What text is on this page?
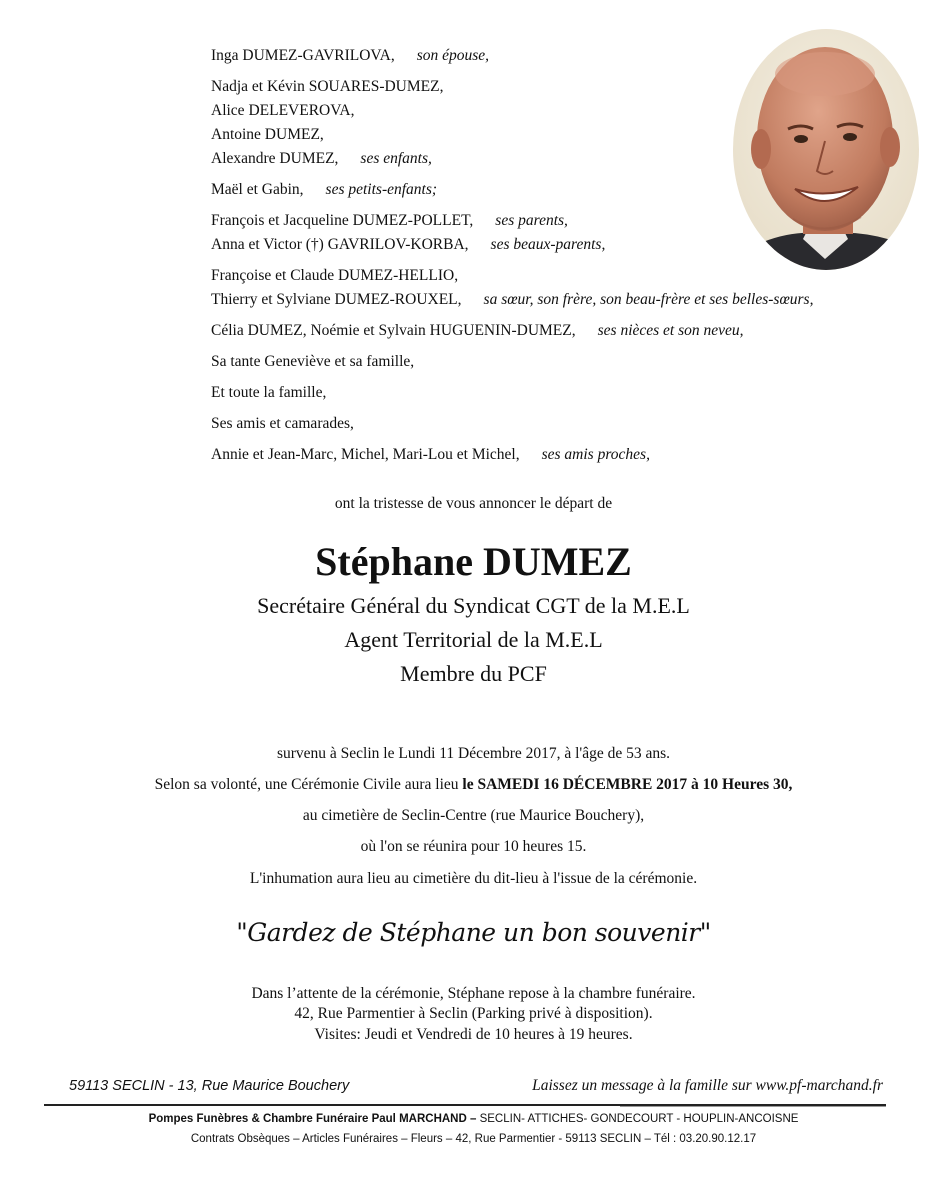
Inga DUMEZ-GAVRILOVA, son épouse,
Nadja et Kévin SOUARES-DUMEZ,
Alice DELEVEROVA,
Antoine DUMEZ,
Alexandre DUMEZ, ses enfants,
Maël et Gabin, ses petits-enfants;
François et Jacqueline DUMEZ-POLLET, ses parents,
Anna et Victor (†) GAVRILOV-KORBA, ses beaux-parents,
Françoise et Claude DUMEZ-HELLIO,
Thierry et Sylviane DUMEZ-ROUXEL, sa sœur, son frère, son beau-frère et ses belles-sœurs,
Célia DUMEZ, Noémie et Sylvain HUGUENIN-DUMEZ, ses nièces et son neveu,
Sa tante Geneviève et sa famille,
Et toute la famille,
Ses amis et camarades,
Annie et Jean-Marc, Michel, Mari-Lou et Michel, ses amis proches,
ont la tristesse de vous annoncer le départ de
Stéphane DUMEZ
Secrétaire Général du Syndicat CGT de la M.E.L
Agent Territorial de la M.E.L
Membre du PCF
survenu à Seclin le Lundi 11 Décembre 2017, à l'âge de 53 ans.
Selon sa volonté, une Cérémonie Civile aura lieu le SAMEDI 16 DÉCEMBRE 2017 à 10 Heures 30,
au cimetière de Seclin-Centre (rue Maurice Bouchery),
où l'on se réunira pour 10 heures 15.
L'inhumation aura lieu au cimetière du dit-lieu à l'issue de la cérémonie.
"Gardez de Stéphane un bon souvenir"
Dans l’attente de la cérémonie, Stéphane repose à la chambre funéraire.
42, Rue Parmentier à Seclin (Parking privé à disposition).
Visites: Jeudi et Vendredi de 10 heures à 19 heures.
59113 SECLIN - 13, Rue Maurice Bouchery	Laissez un message à la famille sur www.pf-marchand.fr
Pompes Funèbres & Chambre Funéraire Paul MARCHAND – SECLIN- ATTICHES- GONDECOURT - HOUPLIN-ANCOISNE
Contrats Obsèques – Articles Funéraires – Fleurs – 42, Rue Parmentier - 59113 SECLIN – Tél : 03.20.90.12.17
